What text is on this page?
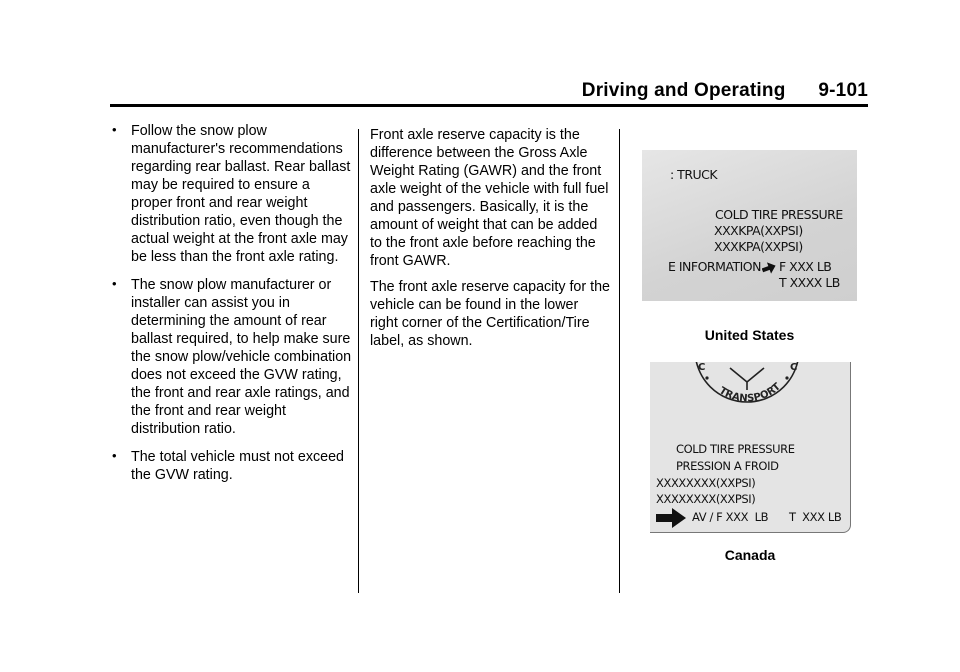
Driving and Operating 9-101
• Follow the snow plow manufacturer's recommendations regarding rear ballast. Rear ballast may be required to ensure a proper front and rear weight distribution ratio, even though the actual weight at the front axle may be less than the front axle rating.
• The snow plow manufacturer or installer can assist you in determining the amount of rear ballast required, to help make sure the snow plow/vehicle combination does not exceed the GVW rating, the front and rear axle ratings, and the front and rear weight distribution ratio.
• The total vehicle must not exceed the GVW rating.

Front axle reserve capacity is the difference between the Gross Axle Weight Rating (GAWR) and the front axle weight of the vehicle with full fuel and passengers. Basically, it is the amount of weight that can be added to the front axle before reaching the front GAWR.

The front axle reserve capacity for the vehicle can be found in the lower right corner of the Certification/Tire label, as shown.

: TRUCK
COLD TIRE PRESSURE
XXXKPA(XXPSI)
XXXKPA(XXPSI)
E INFORMATION F XXX LB
T XXXX LB
United States
TRANSPORT
C	C
COLD TIRE PRESSURE
PRESSION A FROID
XXXXXXXX(XXPSI)
XXXXXXXX(XXPSI)
AV / F XXX  LB T  XXX LB
Canada
